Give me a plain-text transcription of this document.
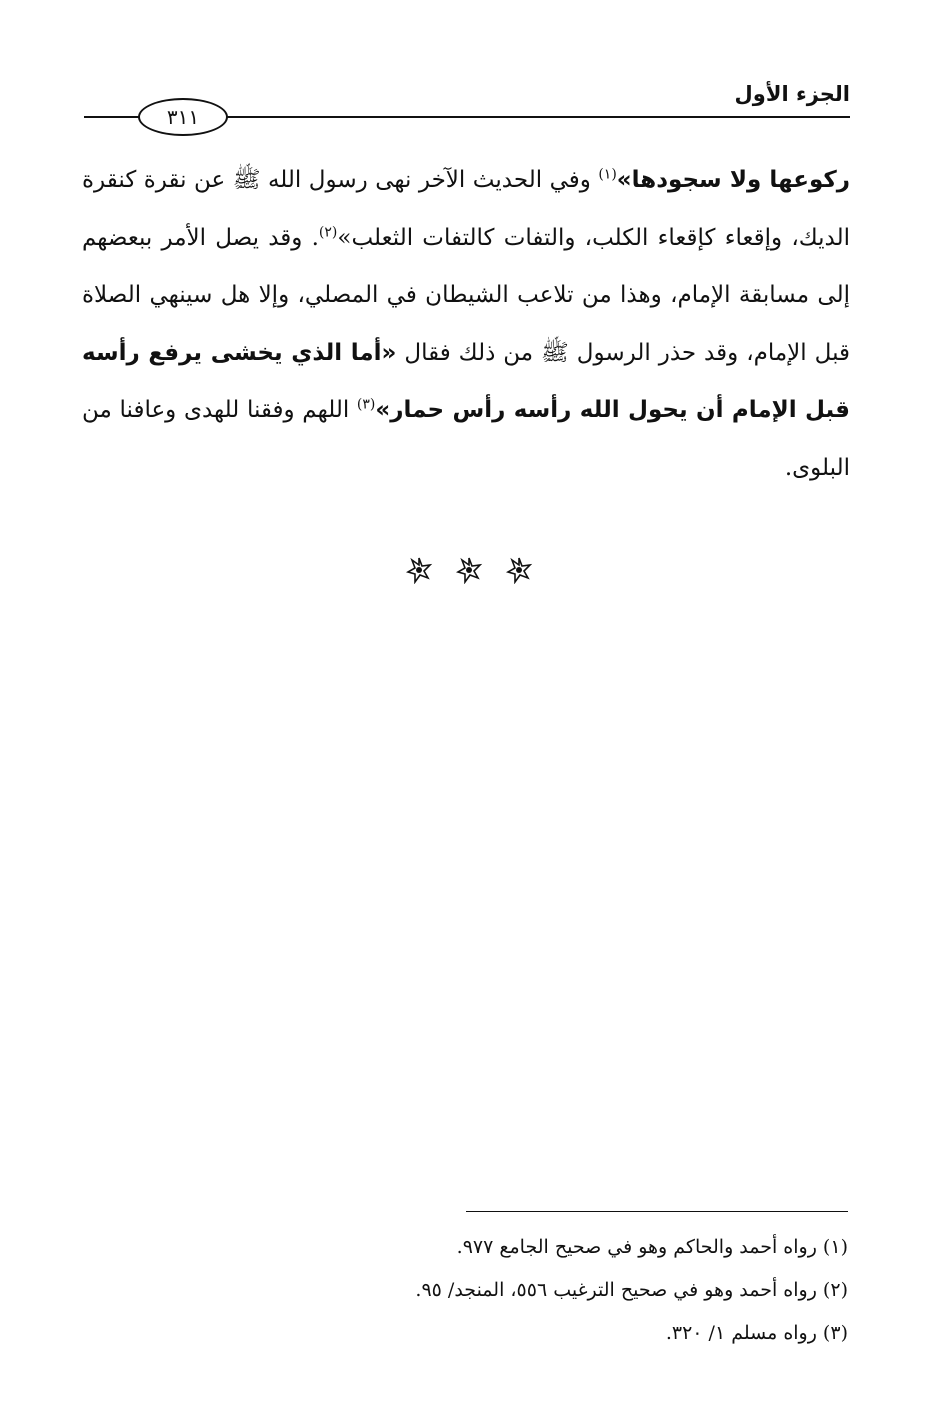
الجزء الأول
٣١١
ركوعها ولا سجودها»$^{(١)}$ وفي الحديث الآخر نهى رسول الله ﷺ عن نقرة كنقرة الديك، وإقعاء كإقعاء الكلب، والتفات كالتفات الثعلب»$^{(٢)}$. وقد يصل الأمر ببعضهم إلى مسابقة الإمام، وهذا من تلاعب الشيطان في المصلي، وإلا هل سينهي الصلاة قبل الإمام، وقد حذر الرسول ﷺ من ذلك فقال «أما الذي يخشى يرفع رأسه قبل الإمام أن يحول الله رأسه رأس حمار»$^{(٣)}$ اللهم وفقنا للهدى وعافنا من البلوى.
(١) رواه أحمد والحاكم وهو في صحيح الجامع ٩٧٧.
(٢) رواه أحمد وهو في صحيح الترغيب ٥٥٦، المنجد/ ٩٥.
(٣) رواه مسلم ١/ ٣٢٠.
